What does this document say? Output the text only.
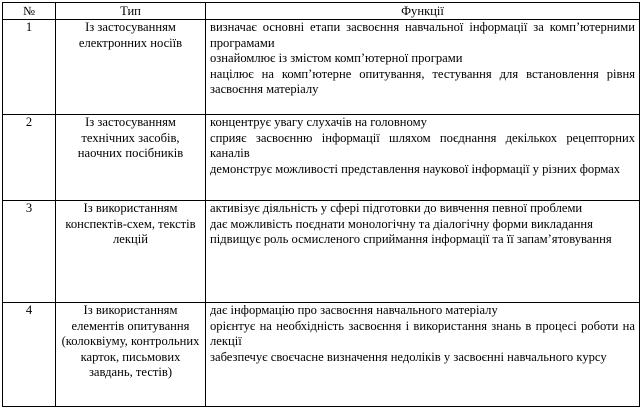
№	Тип	Функції
1	Із застосуванням електронних носіїв	визначає основні етапи засвоєння навчальної інформації за комп’ютерними програмами

ознайомлює із змістом комп’ютерної програми

націлює на комп’ютерне опитування, тестування для встановлення рівня засвоєння матеріалу

2	Із застосуванням технічних засобів, наочних посібників	концентрує увагу слухачів на головному

сприяє засвоєнню інформації шляхом поєднання декількох рецепторних каналів

демонструє можливості представлення наукової інформації у різних формах

3	Із використанням конспектів-схем, текстів лекцій	активізує діяльність у сфері підготовки до вивчення певної проблеми

дає можливість поєднати монологічну та діалогічну форми викладання

підвищує роль осмисленого сприймання інформації та її запам’ятовування

4	Із використанням елементів опитування (колоквіуму, контрольних карток, письмових завдань, тестів)	дає інформацію про засвоєння навчального матеріалу

орієнтує на необхідність засвоєння і використання знань в процесі роботи на лекції

забезпечує своєчасне визначення недоліків у засвоєнні навчального курсу
